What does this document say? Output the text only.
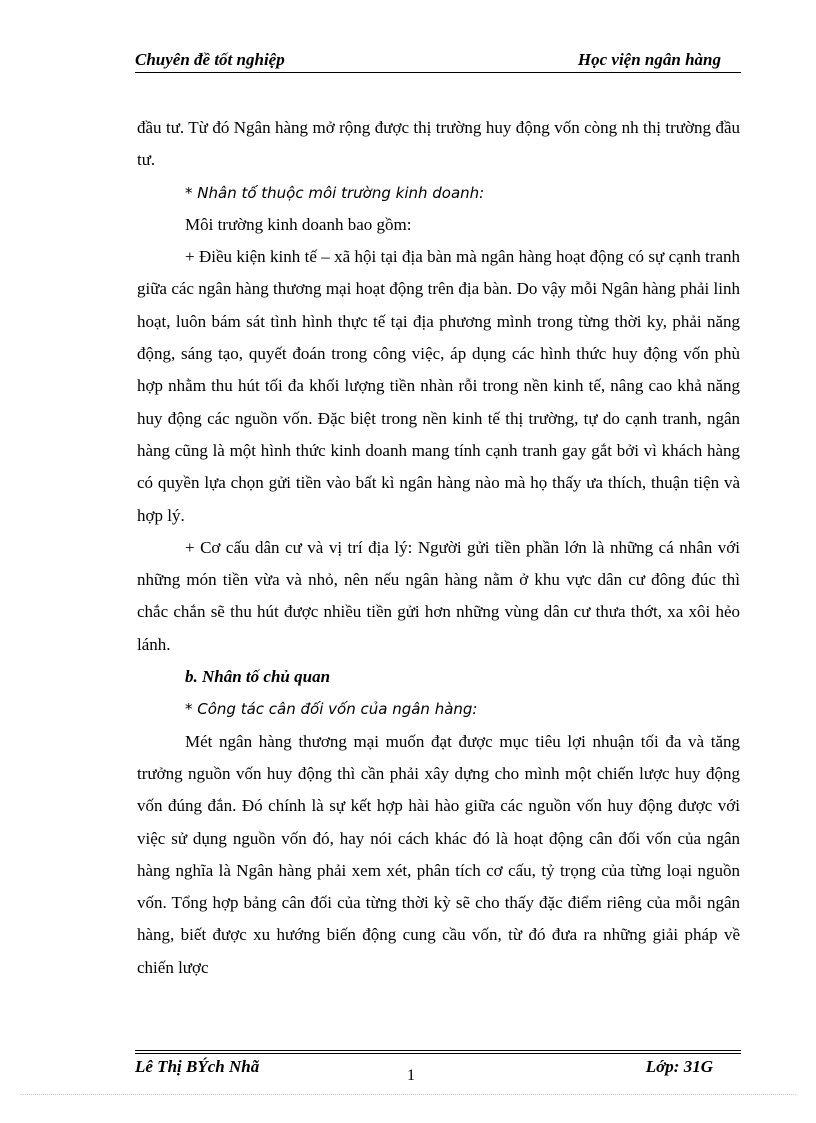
Chuyên đề tốt nghiệp	Học viện ngân hàng

đầu tư. Từ đó Ngân hàng mở rộng được thị trường huy động vốn còng nh thị trường đầu tư.

* Nhân tố thuộc môi trường kinh doanh:

Môi trường kinh doanh bao gồm:

+ Điều kiện kinh tế – xã hội tại địa bàn mà ngân hàng hoạt động có sự cạnh tranh giữa các ngân hàng thương mại hoạt động trên địa bàn. Do vậy mỗi Ngân hàng phải linh hoạt, luôn bám sát tình hình thực tế tại địa phương mình trong từng thời ky, phải năng động, sáng tạo, quyết đoán trong công việc, áp dụng các hình thức huy động vốn phù hợp nhằm thu hút tối đa khối lượng tiền nhàn rỗi trong nền kinh tế, nâng cao khả năng huy động các nguồn vốn. Đặc biệt trong nền kinh tế thị trường, tự do cạnh tranh, ngân hàng cũng là một hình thức kinh doanh mang tính cạnh tranh gay gắt bởi vì khách hàng có quyền lựa chọn gửi tiền vào bất kì ngân hàng nào mà họ thấy ưa thích, thuận tiện và hợp lý.

+ Cơ cấu dân cư và vị trí địa lý: Người gửi tiền phần lớn là những cá nhân với những món tiền vừa và nhỏ, nên nếu ngân hàng nằm ở khu vực dân cư đông đúc thì chắc chắn sẽ thu hút được nhiều tiền gửi hơn những vùng dân cư thưa thớt, xa xôi hẻo lánh.

b. Nhân tố chủ quan

* Công tác cân đối vốn của ngân hàng:

Mét ngân hàng thương mại muốn đạt được mục tiêu lợi nhuận tối đa và tăng trưởng nguồn vốn huy động thì cần phải xây dựng cho mình một chiến lược huy động vốn đúng đắn. Đó chính là sự kết hợp hài hào giữa các nguồn vốn huy động được với việc sử dụng nguồn vốn đó, hay nói cách khác đó là hoạt động cân đối vốn của ngân hàng nghĩa là Ngân hàng phải xem xét, phân tích cơ cấu, tỷ trọng của từng loại nguồn vốn. Tổng hợp bảng cân đối của từng thời kỳ sẽ cho thấy đặc điểm riêng của mỗi ngân hàng, biết được xu hướng biến động cung cầu vốn, từ đó đưa ra những giải pháp về chiến lược

Lê Thị BÝch Nhã	1	Lớp: 31G
